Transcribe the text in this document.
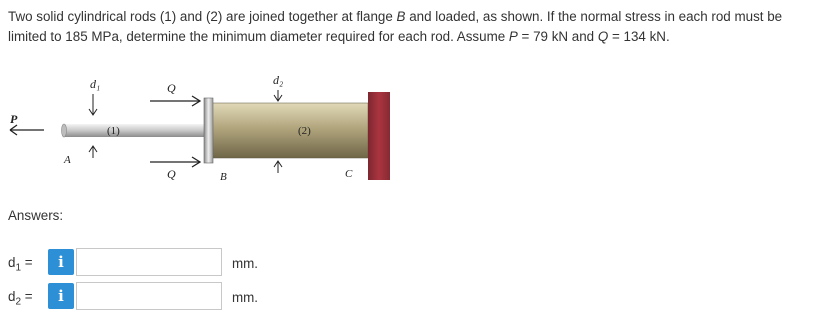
Two solid cylindrical rods (1) and (2) are joined together at flange B and loaded, as shown. If the normal stress in each rod must be limited to 185 MPa, determine the minimum diameter required for each rod. Assume P = 79 kN and Q = 134 kN.

P
(1)
A
d₁	Q
Q
(2)
B
d₂
C
Answers:
$d_1$ =	i	mm.
$d_2$ =	i	mm.
